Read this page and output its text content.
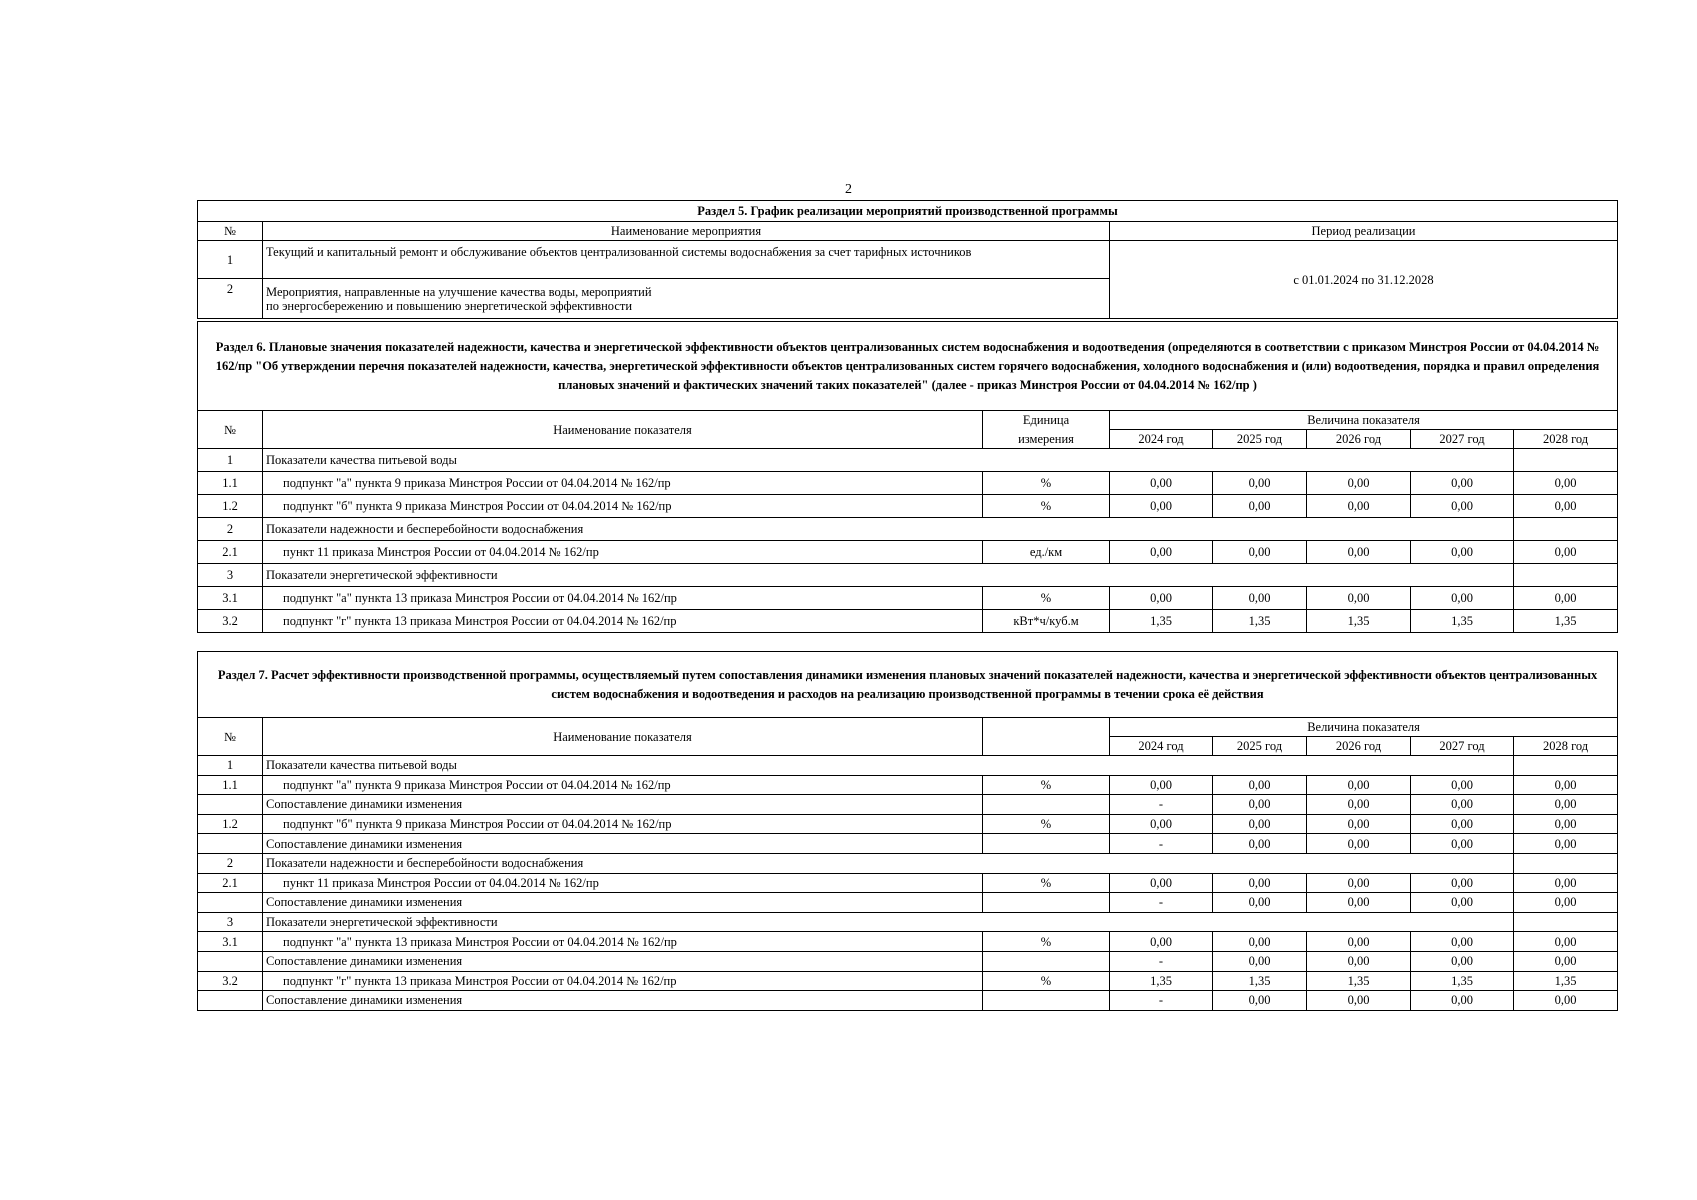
2
Раздел 5. График реализации мероприятий производственной программы		
№	Наименование мероприятия	Период реализации
1	Текущий и капитальный ремонт и обслуживание объектов централизованной системы водоснабжения за счет тарифных источников	с 01.01.2024 по 31.12.2028
2	Мероприятия, направленные на улучшение качества воды, мероприятий
по энергосбережению и повышению энергетической эффективности	
Раздел 6. Плановые значения показателей надежности, качества и энергетической эффективности объектов централизованных систем водоснабжения и водоотведения (определяются в соответствии с приказом Минстроя России от 04.04.2014 № 162/пр "Об утверждении перечня показателей надежности, качества, энергетической эффективности объектов централизованных систем горячего водоснабжения, холодного водоснабжения и (или) водоотведения, порядка и правил определения плановых значений и фактических значений таких показателей" (далее - приказ Минстроя России от 04.04.2014 № 162/пр )							
№	Наименование показателя	Единица	Величина показателя				
		измерения	2024 год	2025 год	2026 год	2027 год	2028 год
1	Показатели качества питьевой воды						
1.1	подпункт "а" пункта 9 приказа Минстроя России от 04.04.2014 № 162/пр	%	0,00	0,00	0,00	0,00	0,00
1.2	подпункт "б" пункта 9 приказа Минстроя России от 04.04.2014 № 162/пр	%	0,00	0,00	0,00	0,00	0,00
2	Показатели надежности и бесперебойности водоснабжения						
2.1	пункт 11 приказа Минстроя России от 04.04.2014 № 162/пр	ед./км	0,00	0,00	0,00	0,00	0,00
3	Показатели энергетической эффективности						
3.1	подпункт "а" пункта 13 приказа Минстроя России от 04.04.2014 № 162/пр	%	0,00	0,00	0,00	0,00	0,00
3.2	подпункт "г" пункта 13 приказа Минстроя России от 04.04.2014 № 162/пр	кВт*ч/куб.м	1,35	1,35	1,35	1,35	1,35
Раздел 7. Расчет эффективности производственной программы, осуществляемый путем сопоставления динамики изменения плановых значений показателей надежности, качества и энергетической эффективности объектов централизованных систем водоснабжения и водоотведения и расходов на реализацию производственной программы в течении срока её действия							
№	Наименование показателя		Величина показателя				
			2024 год	2025 год	2026 год	2027 год	2028 год
1	Показатели качества питьевой воды						
1.1	подпункт "а" пункта 9 приказа Минстроя России от 04.04.2014 № 162/пр	%	0,00	0,00	0,00	0,00	0,00
	Сопоставление динамики изменения		-	0,00	0,00	0,00	0,00
1.2	подпункт "б" пункта 9 приказа Минстроя России от 04.04.2014 № 162/пр	%	0,00	0,00	0,00	0,00	0,00
	Сопоставление динамики изменения		-	0,00	0,00	0,00	0,00
2	Показатели надежности и бесперебойности водоснабжения						
2.1	пункт 11 приказа Минстроя России от 04.04.2014 № 162/пр	%	0,00	0,00	0,00	0,00	0,00
	Сопоставление динамики изменения		-	0,00	0,00	0,00	0,00
3	Показатели энергетической эффективности						
3.1	подпункт "а" пункта 13 приказа Минстроя России от 04.04.2014 № 162/пр	%	0,00	0,00	0,00	0,00	0,00
	Сопоставление динамики изменения		-	0,00	0,00	0,00	0,00
3.2	подпункт "г" пункта 13 приказа Минстроя России от 04.04.2014 № 162/пр	%	1,35	1,35	1,35	1,35	1,35
	Сопоставление динамики изменения		-	0,00	0,00	0,00	0,00
